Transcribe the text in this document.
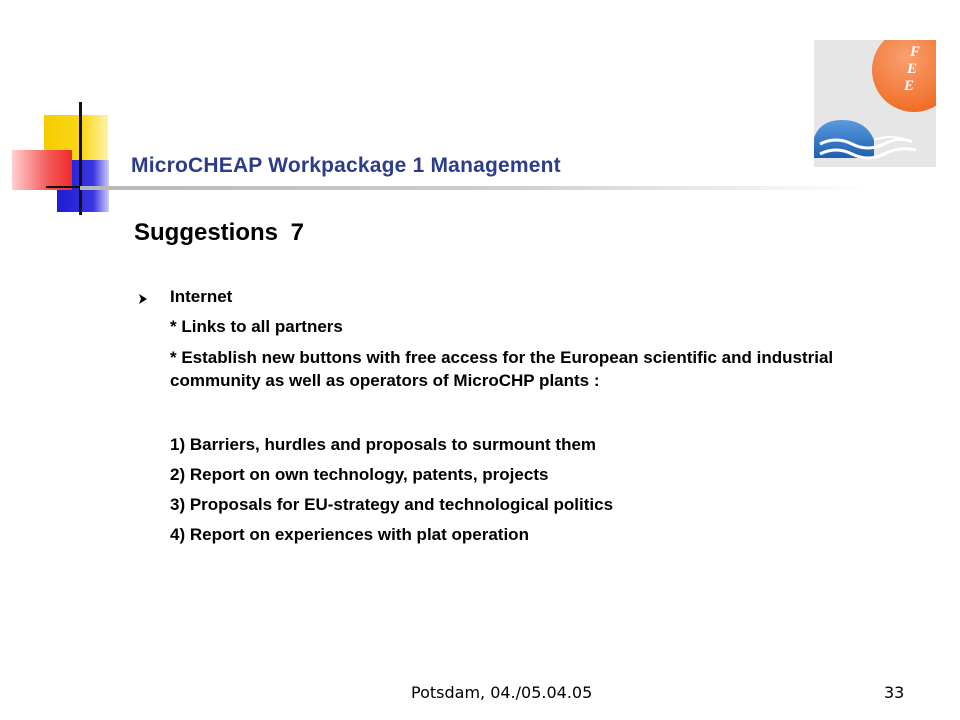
F
E
E
MicroCHEAP Workpackage 1 Management
Suggestions 7

Internet

* Links to all partners

* Establish new buttons with free access for the European scientific and industrial community as well as operators of MicroCHP plants :

1) Barriers, hurdles and proposals to surmount them

2) Report on own technology, patents, projects

3) Proposals for EU-strategy and technological politics

4) Report on experiences with plat operation

Potsdam, 04./05.04.05	33
